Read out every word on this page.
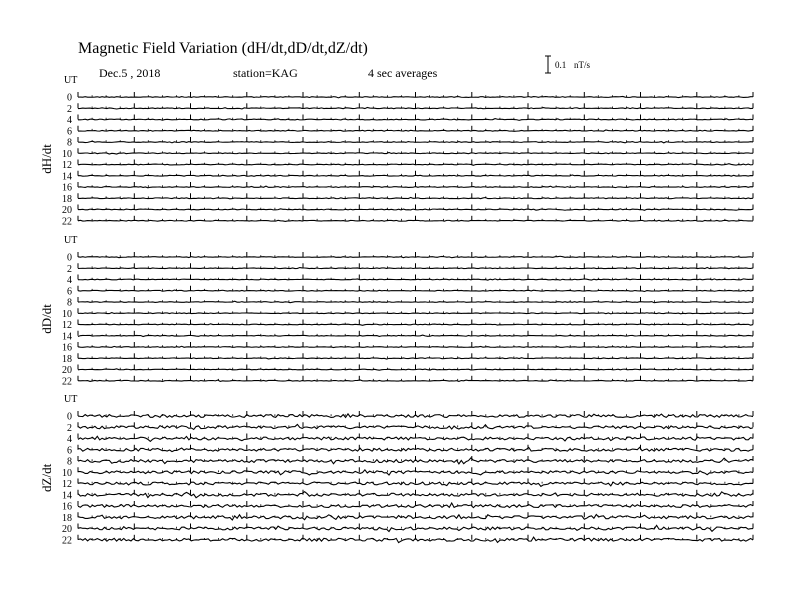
Magnetic Field Variation (dH/dt,dD/dt,dZ/dt)
Dec.5 , 2018	station=KAG	4 sec averages
0.1 nT/s
UT
dH/dt
0
2
4
6
8
10
12
14
16
18
20
22
UT
dD/dt
0
2
4
6
8
10
12
14
16
18
20
22
UT
dZ/dt
0
2
4
6
8
10
12
14
16
18
20
22
